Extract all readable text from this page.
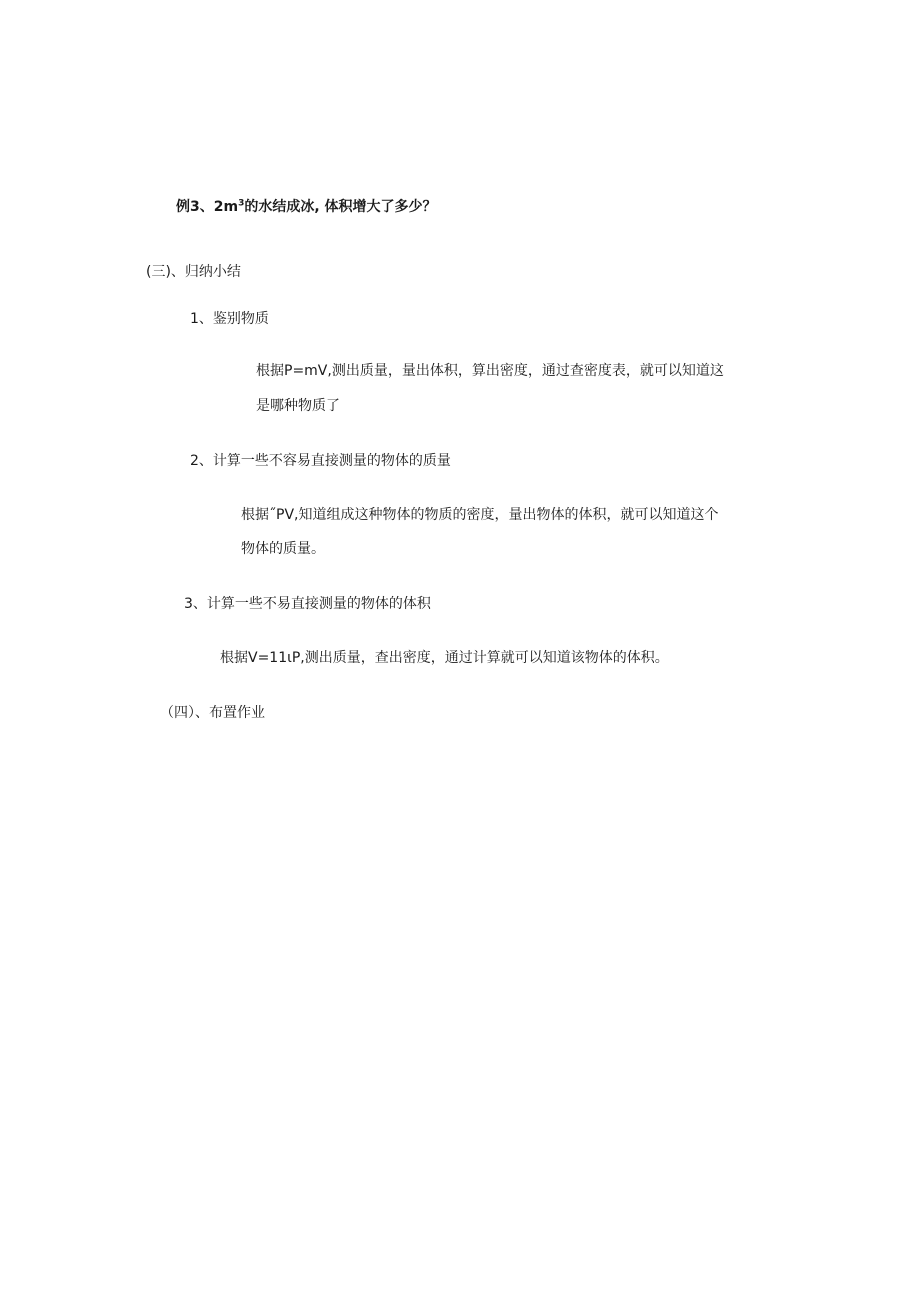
例3、$2m^3$的水结成冰, 体积增大了多少？
(三)、归纳小结
1、鉴别物质
根据P=mV,测出质量，量出体积，算出密度，通过查密度表，就可以知道这
是哪种物质了
2、计算一些不容易直接测量的物体的质量
根据˝PV,知道组成这种物体的物质的密度，量出物体的体积，就可以知道这个
物体的质量。
3、计算一些不易直接测量的物体的体积
根据V=11ιP,测出质量，查出密度，通过计算就可以知道该物体的体积。
（四）、布置作业
